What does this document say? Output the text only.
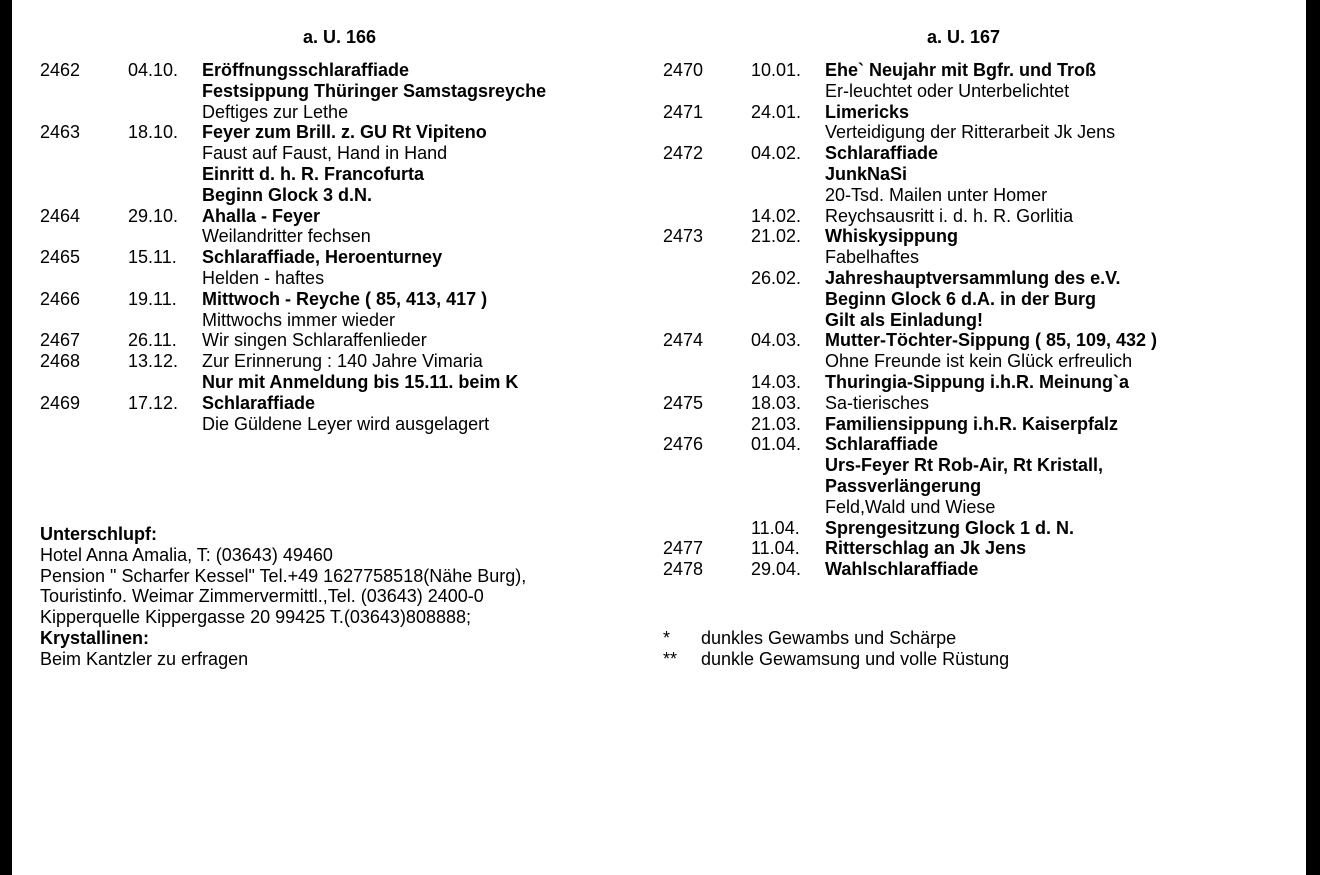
a. U. 166
2462	04.10. Eröffnungsschlaraffiade
Festsippung Thüringer Samstagsreyche
Deftiges zur Lethe
2463	18.10. Feyer zum Brill. z. GU Rt Vipiteno
Faust auf Faust, Hand in Hand
Einritt d. h. R. Francofurta
Beginn Glock 3 d.N.
2464	29.10. Ahalla - Feyer
Weilandritter fechsen
2465	15.11. Schlaraffiade, Heroenturney
Helden - haftes
2466	19.11. Mittwoch - Reyche ( 85, 413, 417 )
Mittwochs immer wieder
2467	26.11. Wir singen Schlaraffenlieder
2468	13.12. Zur Erinnerung : 140 Jahre Vimaria
Nur mit Anmeldung bis 15.11. beim K
2469	17.12. Schlaraffiade
Die Güldene Leyer wird ausgelagert
Unterschlupf:
Hotel Anna Amalia, T: (03643) 49460
Pension " Scharfer Kessel" Tel.+49 1627758518(Nähe Burg),
Touristinfo. Weimar Zimmervermittl.,Tel. (03643) 2400-0
Kipperquelle Kippergasse 20 99425 T.(03643)808888;
Krystallinen:
Beim Kantzler zu erfragen
a. U. 167
2470	10.01. Ehe` Neujahr mit Bgfr. und Troß
Er-leuchtet oder Unterbelichtet
2471	24.01. Limericks
Verteidigung der Ritterarbeit Jk Jens
2472	04.02. Schlaraffiade
JunkNaSi
20-Tsd. Mailen unter Homer
14.02. Reychsausritt i. d. h. R. Gorlitia
2473	21.02. Whiskysippung
Fabelhaftes
26.02. Jahreshauptversammlung des e.V.
Beginn Glock 6 d.A. in der Burg
Gilt als Einladung!
2474	04.03. Mutter-Töchter-Sippung ( 85, 109, 432 )
Ohne Freunde ist kein Glück erfreulich
14.03. Thuringia-Sippung i.h.R. Meinung`a
2475	18.03. Sa-tierisches
21.03. Familiensippung i.h.R. Kaiserpfalz
2476	01.04. Schlaraffiade
Urs-Feyer Rt Rob-Air, Rt Kristall,
Passverlängerung
Feld,Wald und Wiese
11.04. Sprengesitzung Glock 1 d. N.
2477	11.04. Ritterschlag an Jk Jens
2478	29.04. Wahlschlaraffiade
* dunkles Gewambs und Schärpe
** dunkle Gewamsung und volle Rüstung
